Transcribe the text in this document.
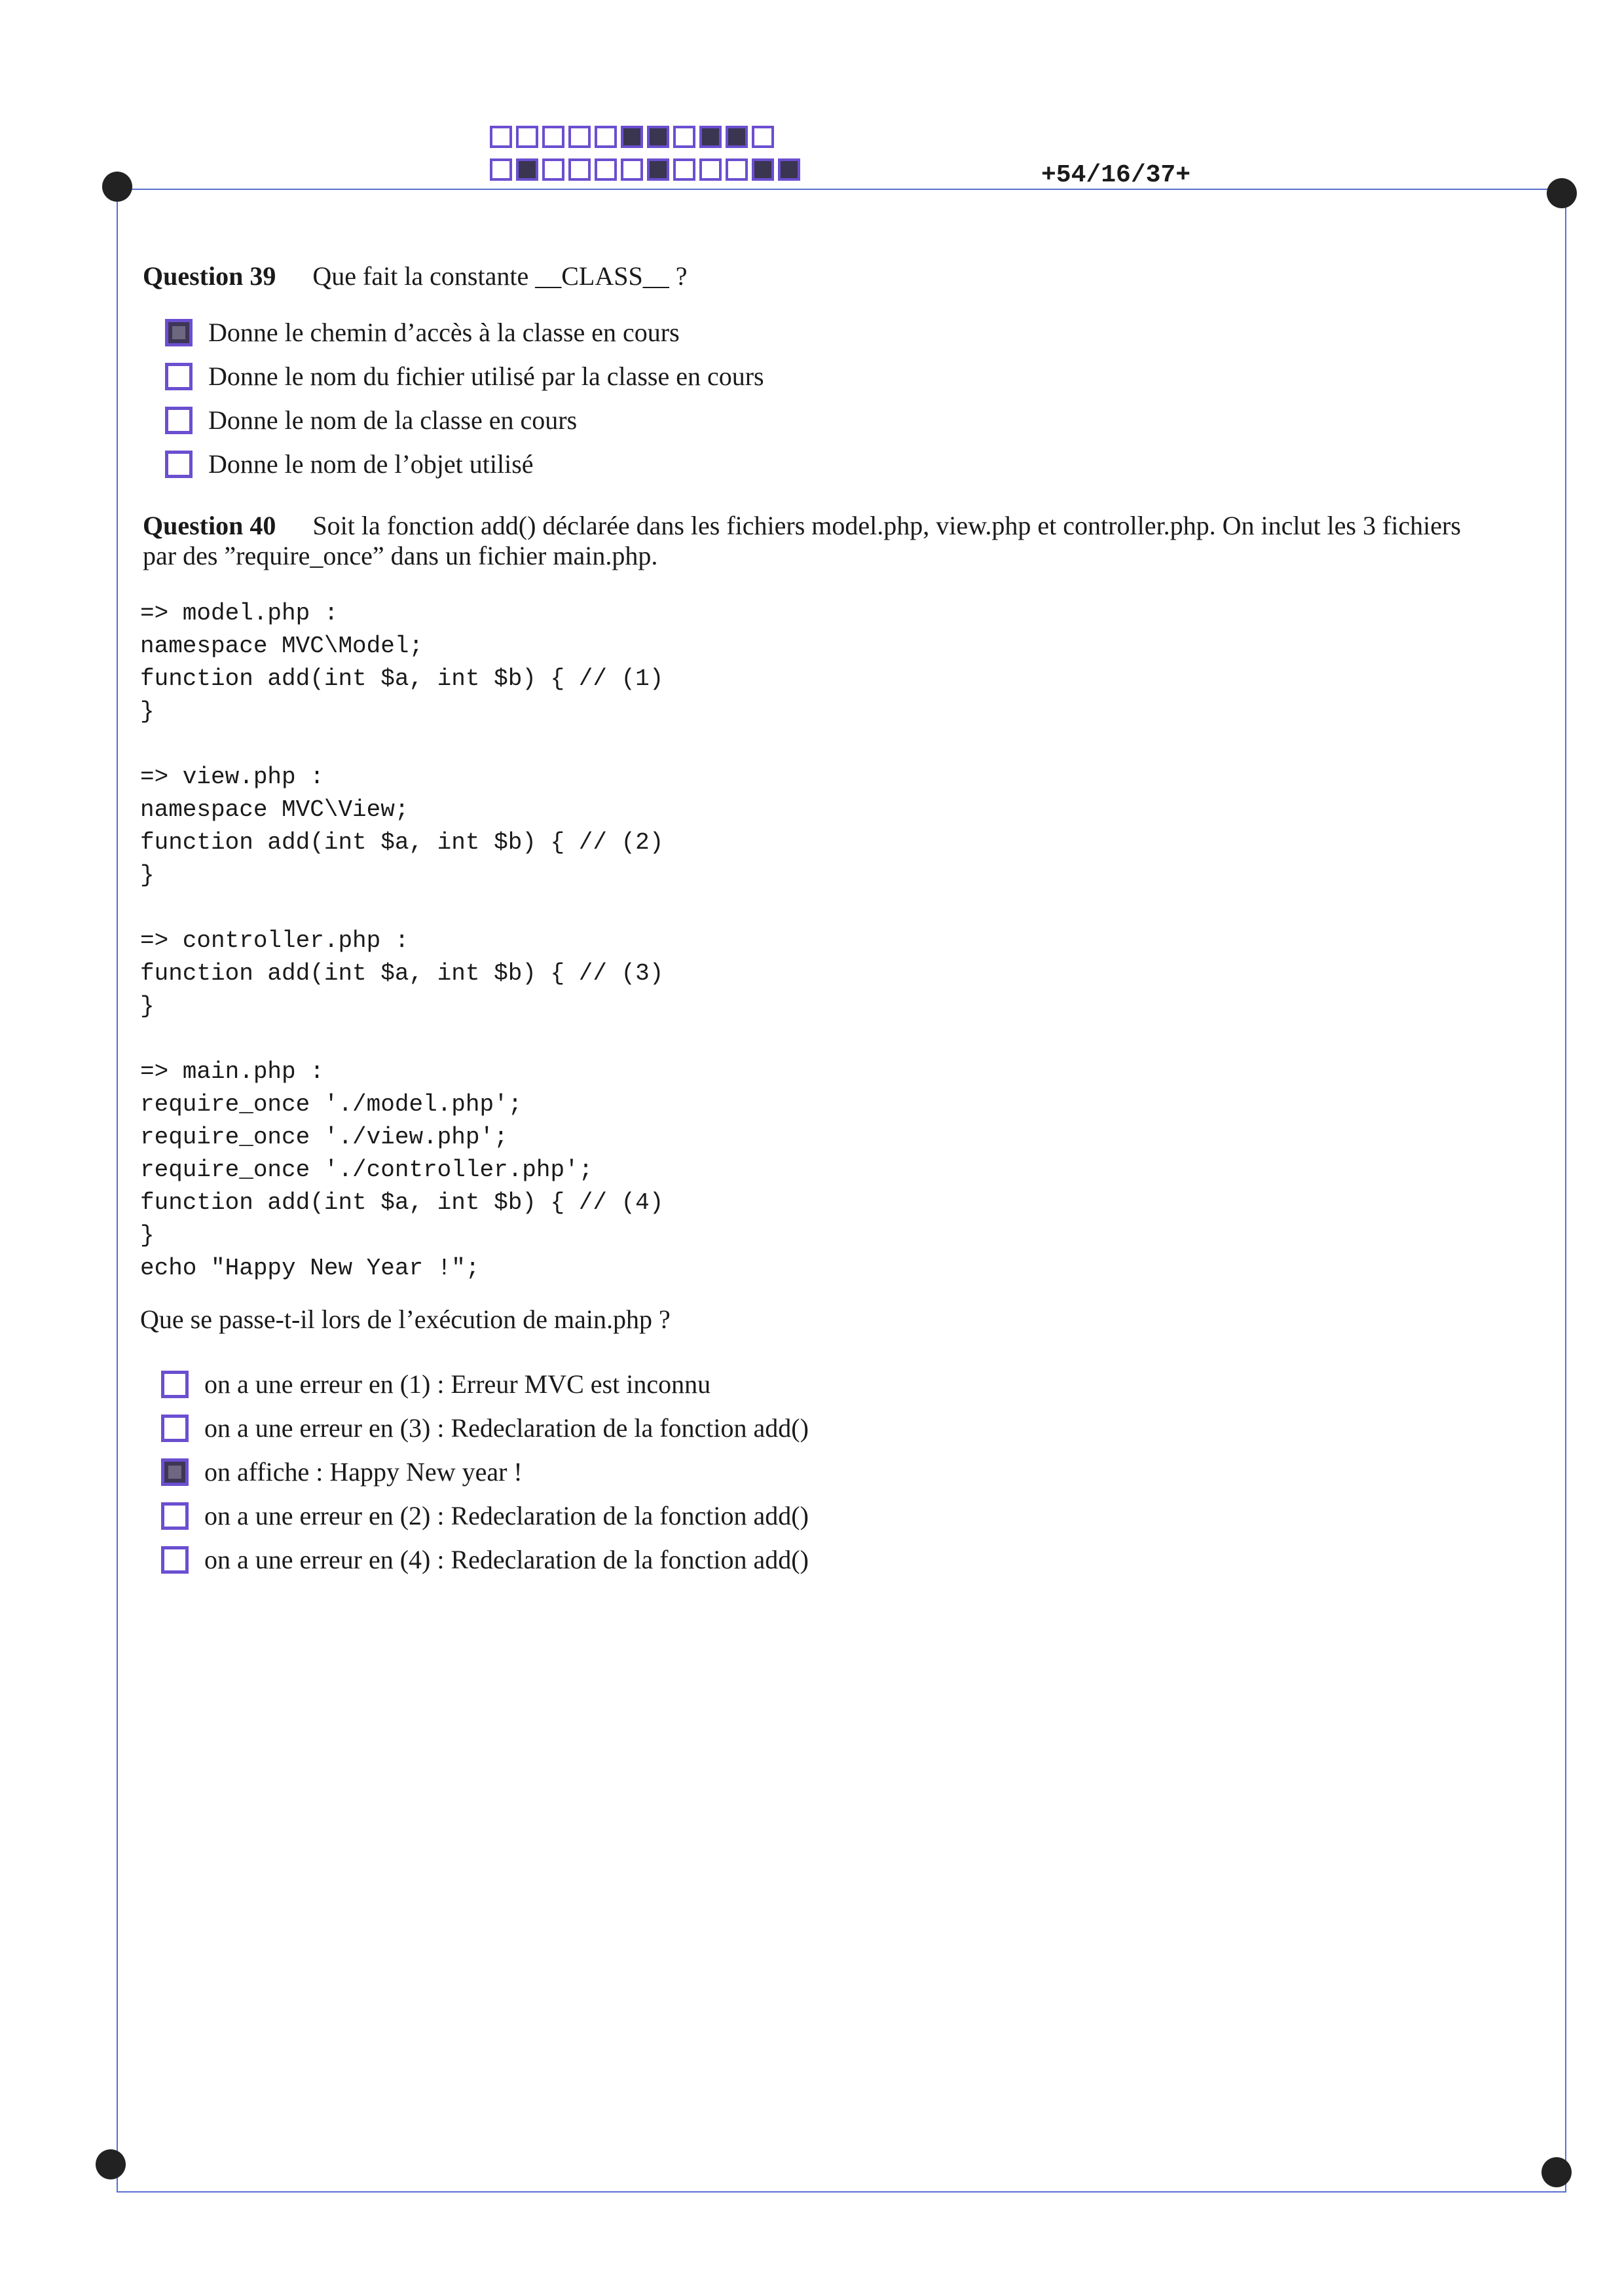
+54/16/37+
Question 39 Que fait la constante __CLASS__ ?
Donne le chemin d’accès à la classe en cours
Donne le nom du fichier utilisé par la classe en cours
Donne le nom de la classe en cours
Donne le nom de l’objet utilisé
Question 40 Soit la fonction add() déclarée dans les fichiers model.php, view.php et controller.php. On inclut les 3 fichiers
par des ”require_once” dans un fichier main.php.
=> model.php :
namespace MVC\Model;
function add(int $a, int $b) { // (1)
}

=> view.php :
namespace MVC\View;
function add(int $a, int $b) { // (2)
}

=> controller.php :
function add(int $a, int $b) { // (3)
}

=> main.php :
require_once './model.php';
require_once './view.php';
require_once './controller.php';
function add(int $a, int $b) { // (4)
}
echo "Happy New Year !";
Que se passe-t-il lors de l’exécution de main.php ?
on a une erreur en (1) : Erreur MVC est inconnu
on a une erreur en (3) : Redeclaration de la fonction add()
on affiche : Happy New year !
on a une erreur en (2) : Redeclaration de la fonction add()
on a une erreur en (4) : Redeclaration de la fonction add()
